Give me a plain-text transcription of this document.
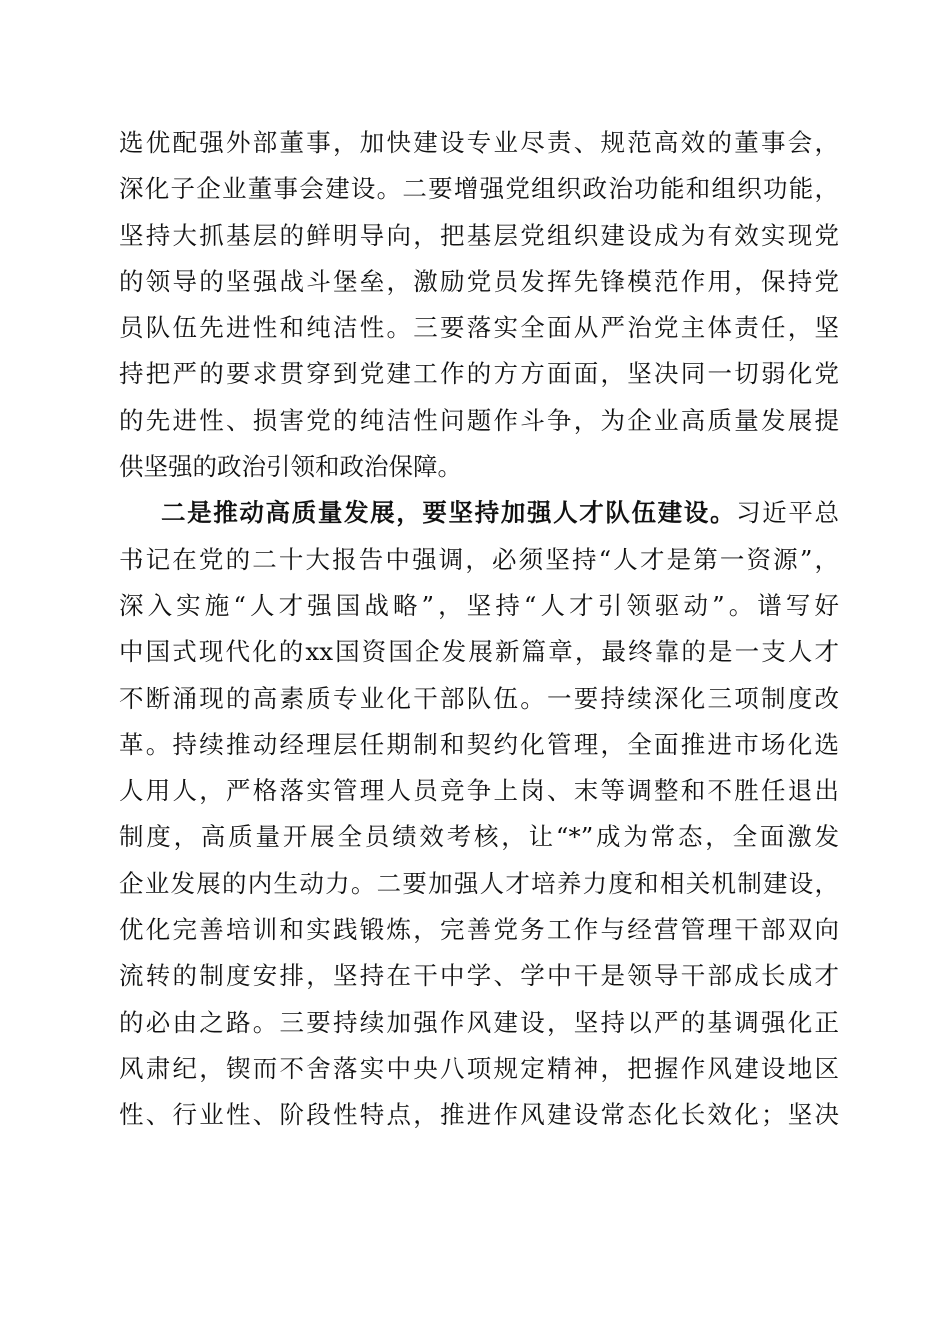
选优配强外部董事，加快建设专业尽责、规范高效的董事会，
深化子企业董事会建设。二要增强党组织政治功能和组织功能，
坚持大抓基层的鲜明导向，把基层党组织建设成为有效实现党
的领导的坚强战斗堡垒，激励党员发挥先锋模范作用，保持党
员队伍先进性和纯洁性。三要落实全面从严治党主体责任，坚
持把严的要求贯穿到党建工作的方方面面，坚决同一切弱化党
的先进性、损害党的纯洁性问题作斗争，为企业高质量发展提
供坚强的政治引领和政治保障。
二是推动高质量发展，要坚持加强人才队伍建设。习近平总
书记在党的二十大报告中强调，必须坚持“人才是第一资源”，
深入实施“人才强国战略”，坚持“人才引领驱动”。谱写好
中国式现代化的xx国资国企发展新篇章，最终靠的是一支人才
不断涌现的高素质专业化干部队伍。一要持续深化三项制度改
革。持续推动经理层任期制和契约化管理，全面推进市场化选
人用人，严格落实管理人员竞争上岗、末等调整和不胜任退出
制度，高质量开展全员绩效考核，让“*”成为常态，全面激发
企业发展的内生动力。二要加强人才培养力度和相关机制建设，
优化完善培训和实践锻炼，完善党务工作与经营管理干部双向
流转的制度安排，坚持在干中学、学中干是领导干部成长成才
的必由之路。三要持续加强作风建设，坚持以严的基调强化正
风肃纪，锲而不舍落实中央八项规定精神，把握作风建设地区
性、行业性、阶段性特点，推进作风建设常态化长效化；坚决
